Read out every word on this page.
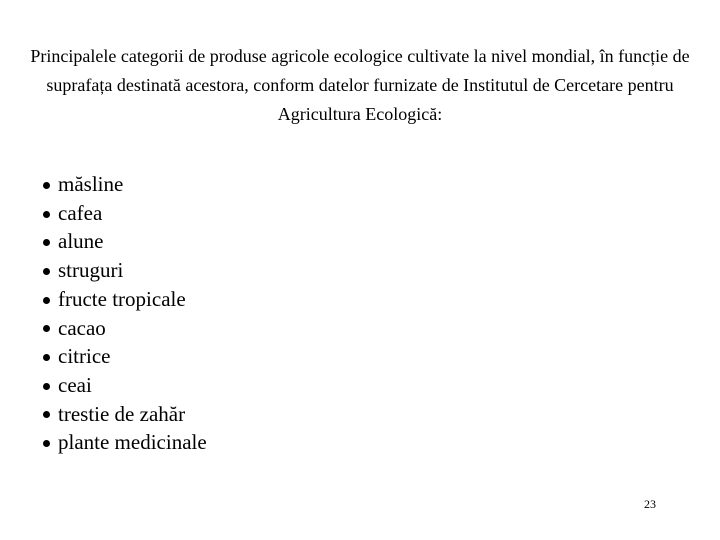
Principalele categorii de produse agricole ecologice cultivate la nivel mondial, în funcție de suprafața destinată acestora, conform datelor furnizate de Institutul de Cercetare pentru Agricultura Ecologică:

măsline
cafea
alune
struguri
fructe tropicale
cacao
citrice
ceai
trestie de zahăr
plante medicinale

23
